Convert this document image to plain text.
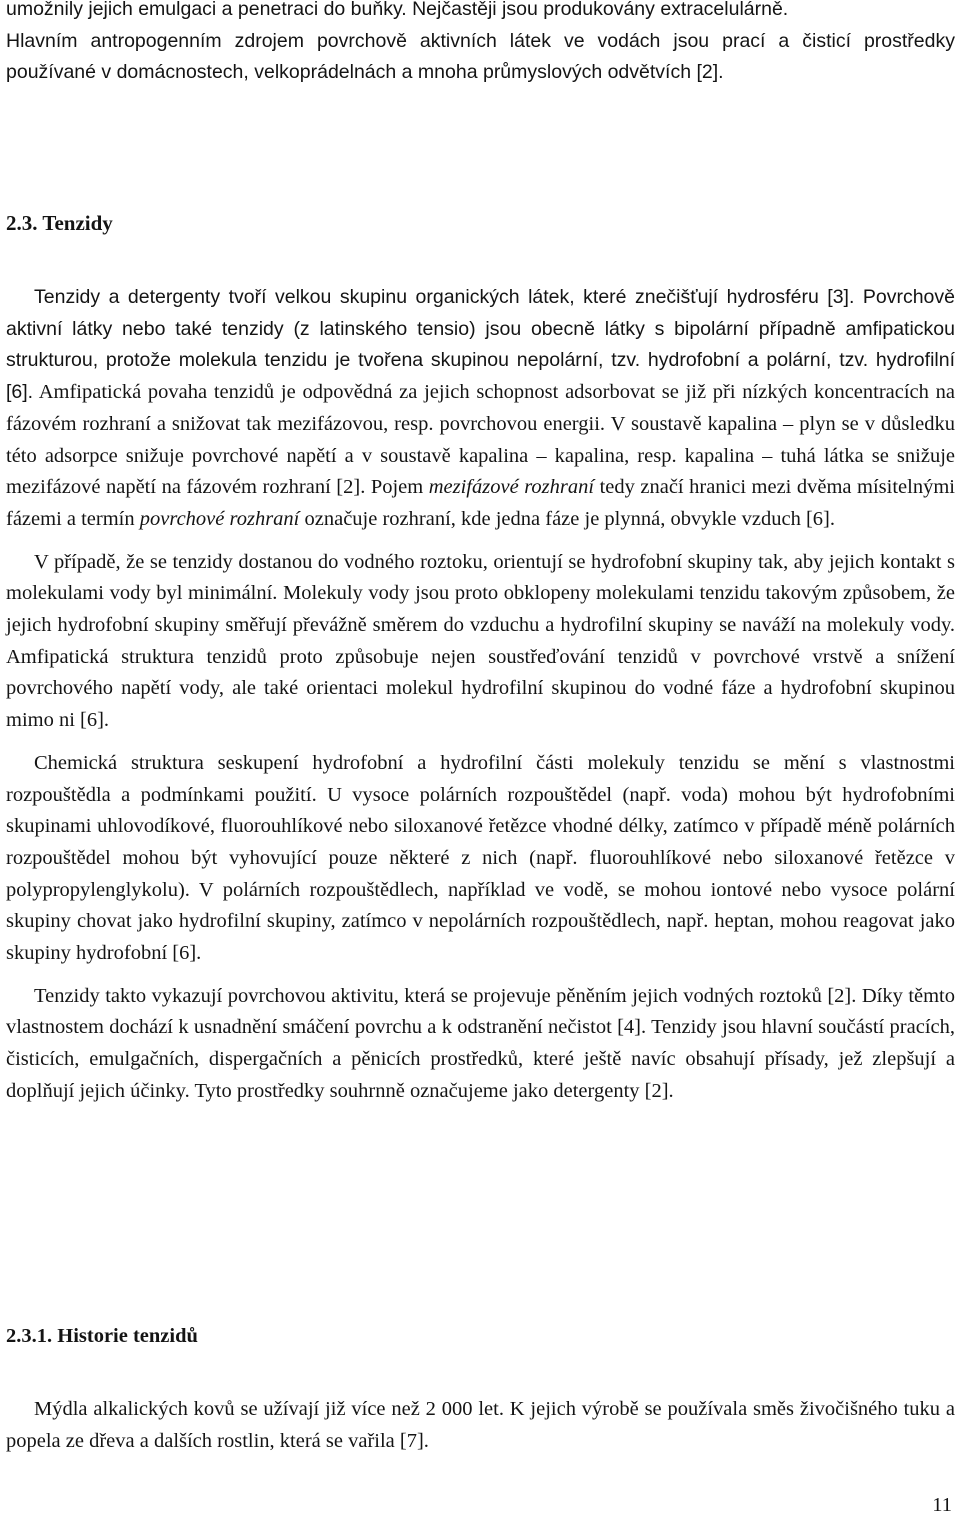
umožnily jejich emulgaci a penetraci do buňky. Nejčastěji jsou produkovány extracelulárně.

Hlavním antropogenním zdrojem povrchově aktivních látek ve vodách jsou prací a čisticí prostředky používané v domácnostech, velkoprádelnách a mnoha průmyslových odvětvích [2].

2.3. Tenzidy

Tenzidy a detergenty tvoří velkou skupinu organických látek, které znečišťují hydrosféru [3]. Povrchově aktivní látky nebo také tenzidy (z latinského tensio) jsou obecně látky s bipolární případně amfipatickou strukturou, protože molekula tenzidu je tvořena skupinou nepolární, tzv. hydrofobní a polární, tzv. hydrofilní [6]. Amfipatická povaha tenzidů je odpovědná za jejich schopnost adsorbovat se již při nízkých koncentracích na fázovém rozhraní a snižovat tak mezifázovou, resp. povrchovou energii. V soustavě kapalina – plyn se v důsledku této adsorpce snižuje povrchové napětí a v soustavě kapalina – kapalina, resp. kapalina – tuhá látka se snižuje mezifázové napětí na fázovém rozhraní [2]. Pojem mezifázové rozhraní tedy značí hranici mezi dvěma mísitelnými fázemi a termín povrchové rozhraní označuje rozhraní, kde jedna fáze je plynná, obvykle vzduch [6].

V případě, že se tenzidy dostanou do vodného roztoku, orientují se hydrofobní skupiny tak, aby jejich kontakt s molekulami vody byl minimální. Molekuly vody jsou proto obklopeny molekulami tenzidu takovým způsobem, že jejich hydrofobní skupiny směřují převážně směrem do vzduchu a hydrofilní skupiny se naváží na molekuly vody. Amfipatická struktura tenzidů proto způsobuje nejen soustřeďování tenzidů v povrchové vrstvě a snížení povrchového napětí vody, ale také orientaci molekul hydrofilní skupinou do vodné fáze a hydrofobní skupinou mimo ni [6].

Chemická struktura seskupení hydrofobní a hydrofilní části molekuly tenzidu se mění s vlastnostmi rozpouštědla a podmínkami použití. U vysoce polárních rozpouštědel (např. voda) mohou být hydrofobními skupinami uhlovodíkové, fluorouhlíkové nebo siloxanové řetězce vhodné délky, zatímco v případě méně polárních rozpouštědel mohou být vyhovující pouze některé z nich (např. fluorouhlíkové nebo siloxanové řetězce v polypropylenglykolu). V polárních rozpouštědlech, například ve vodě, se mohou iontové nebo vysoce polární skupiny chovat jako hydrofilní skupiny, zatímco v nepolárních rozpouštědlech, např. heptan, mohou reagovat jako skupiny hydrofobní [6].

Tenzidy takto vykazují povrchovou aktivitu, která se projevuje pěněním jejich vodných roztoků [2]. Díky těmto vlastnostem dochází k usnadnění smáčení povrchu a k odstranění nečistot [4]. Tenzidy jsou hlavní součástí pracích, čisticích, emulgačních, dispergačních a pěnicích prostředků, které ještě navíc obsahují přísady, jež zlepšují a doplňují jejich účinky. Tyto prostředky souhrnně označujeme jako detergenty [2].

2.3.1. Historie tenzidů

Mýdla alkalických kovů se užívají již více než 2 000 let. K jejich výrobě se používala směs živočišného tuku a popela ze dřeva a dalších rostlin, která se vařila [7].

11
